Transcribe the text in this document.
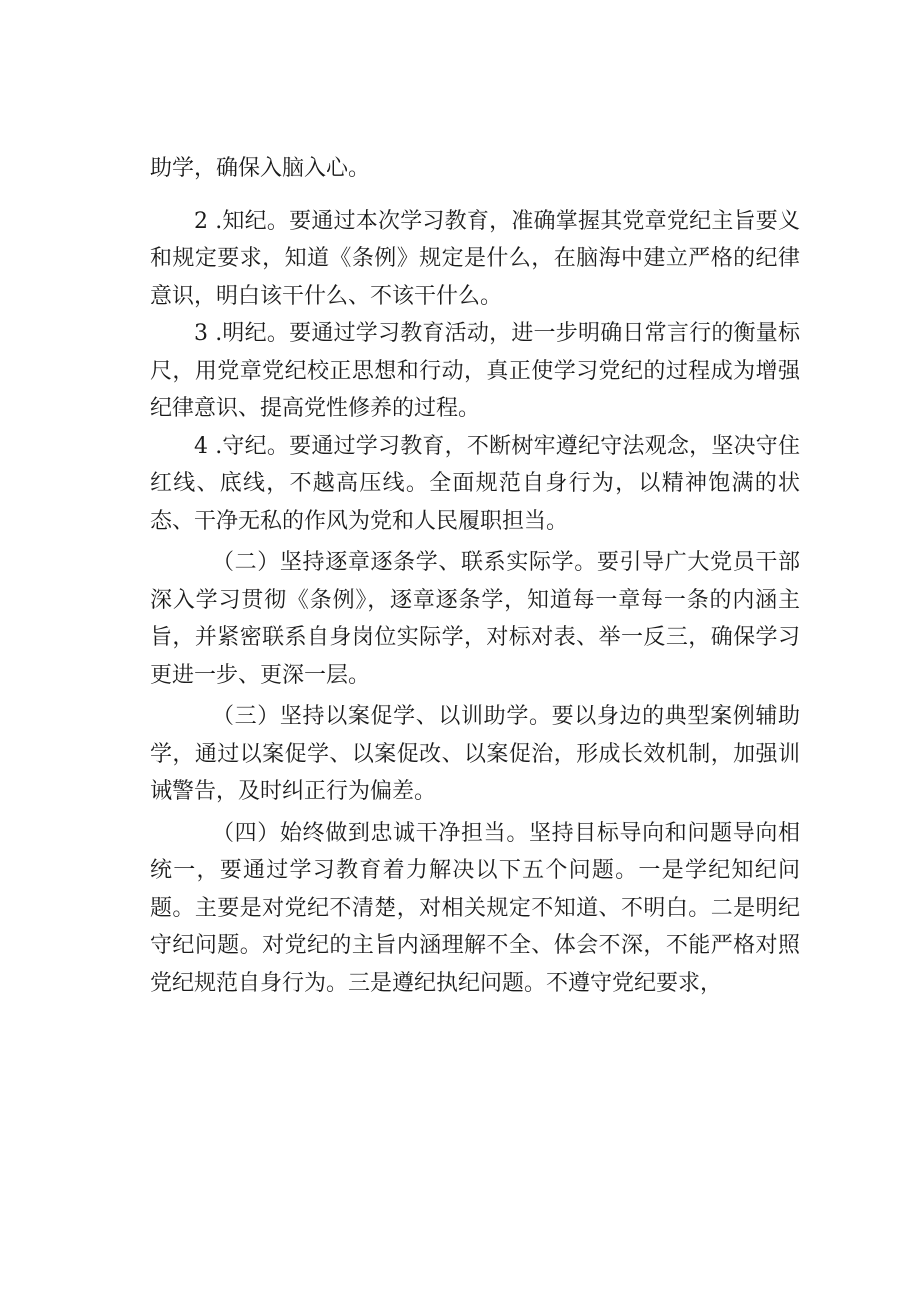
助学，确保入脑入心。

2 .知纪。要通过本次学习教育，准确掌握其党章党纪主旨要义和规定要求，知道《条例》规定是什么，在脑海中建立严格的纪律意识，明白该干什么、不该干什么。

3 .明纪。要通过学习教育活动，进一步明确日常言行的衡量标尺，用党章党纪校正思想和行动，真正使学习党纪的过程成为增强纪律意识、提高党性修养的过程。

4 .守纪。要通过学习教育，不断树牢遵纪守法观念，坚决守住红线、底线，不越高压线。全面规范自身行为，以精神饱满的状态、干净无私的作风为党和人民履职担当。

（二）坚持逐章逐条学、联系实际学。要引导广大党员干部深入学习贯彻《条例》，逐章逐条学，知道每一章每一条的内涵主旨，并紧密联系自身岗位实际学，对标对表、举一反三，确保学习更进一步、更深一层。

（三）坚持以案促学、以训助学。要以身边的典型案例辅助学，通过以案促学、以案促改、以案促治，形成长效机制，加强训诫警告，及时纠正行为偏差。

（四）始终做到忠诚干净担当。坚持目标导向和问题导向相统一，要通过学习教育着力解决以下五个问题。一是学纪知纪问题。主要是对党纪不清楚，对相关规定不知道、不明白。二是明纪守纪问题。对党纪的主旨内涵理解不全、体会不深，不能严格对照党纪规范自身行为。三是遵纪执纪问题。不遵守党纪要求，
